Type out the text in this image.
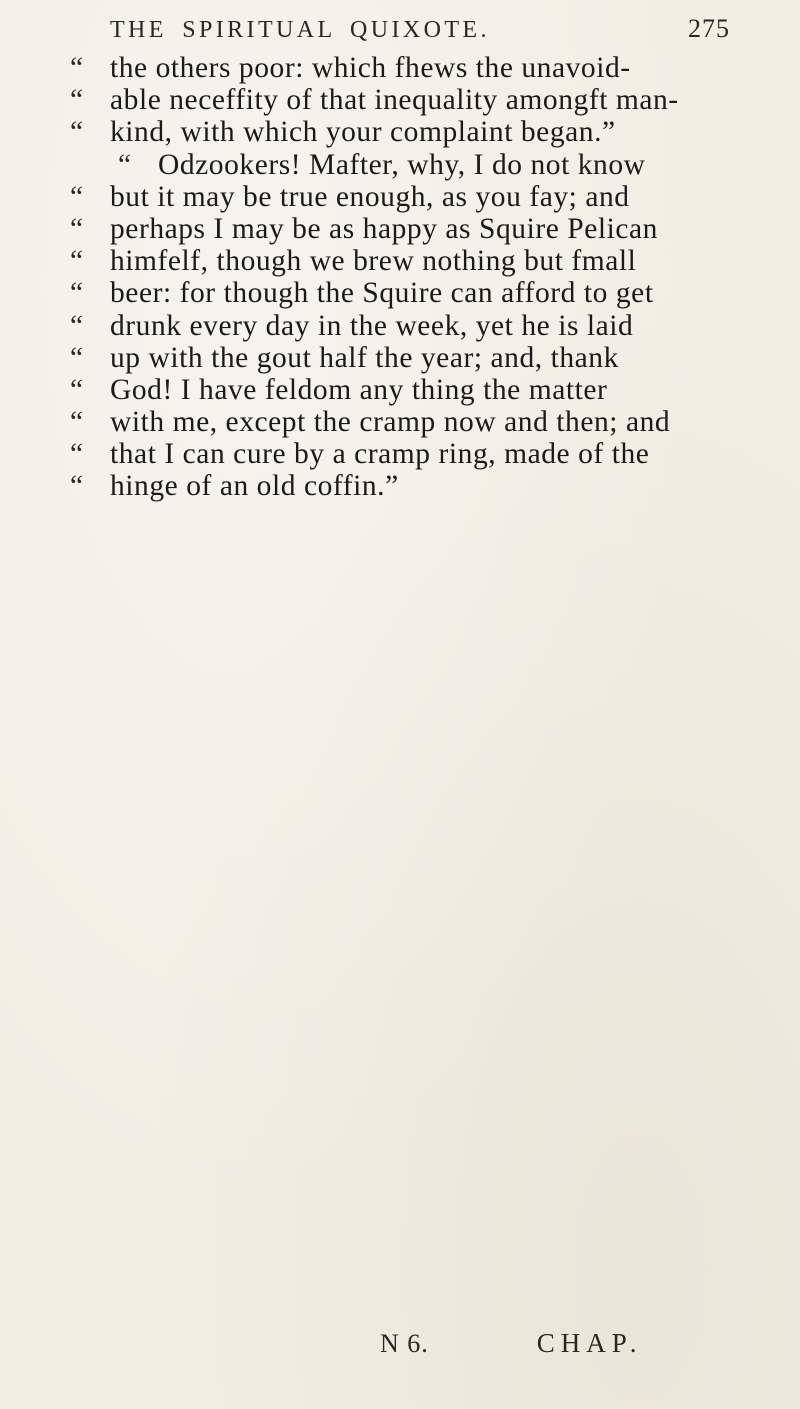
THE SPIRITUAL QUIXOTE.	275
“ the others poor: which fhews the unavoid-
“ able neceffity of that inequality amongft man-
“ kind, with which your complaint began.”
“ Odzookers! Mafter, why, I do not know
“ but it may be true enough, as you fay; and
“ perhaps I may be as happy as Squire Pelican
“ himfelf, though we brew nothing but fmall
“ beer: for though the Squire can afford to get
“ drunk every day in the week, yet he is laid
“ up with the gout half the year; and, thank
“ God! I have feldom any thing the matter
“ with me, except the cramp now and then; and
“ that I can cure by a cramp ring, made of the
“ hinge of an old coffin.”
N 6.	CHAP.
